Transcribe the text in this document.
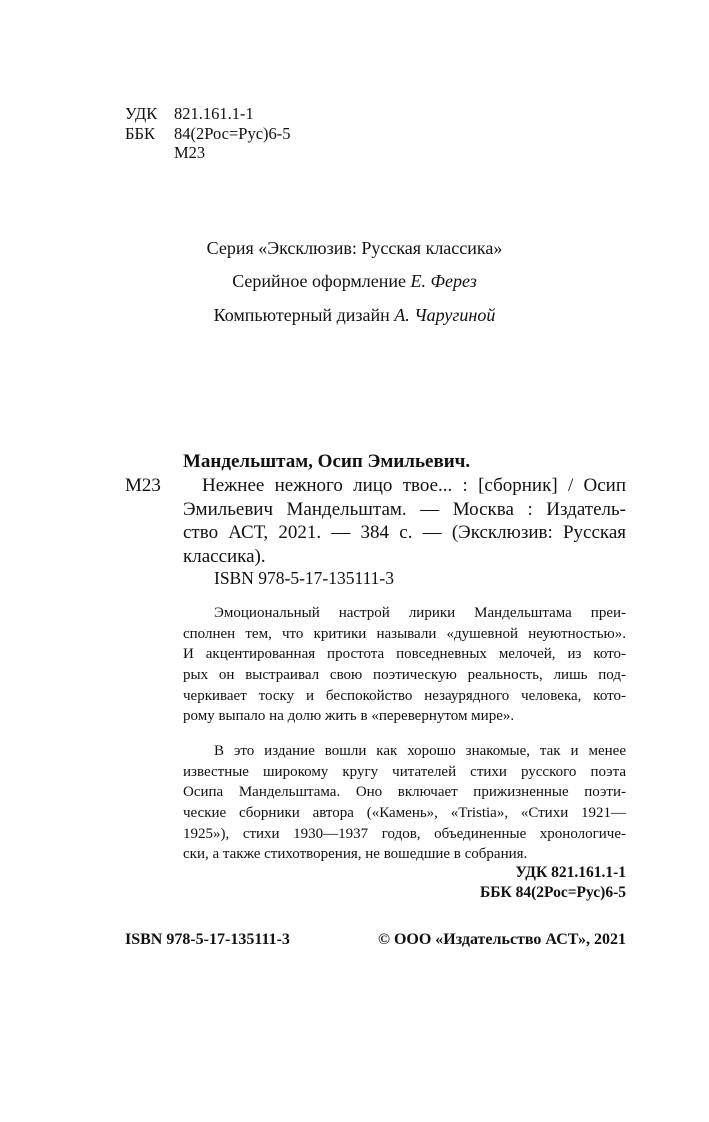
УДК 821.161.1-1
ББК 84(2Рос=Рус)6-5
М23
Серия «Эксклюзив: Русская классика»
Серийное оформление Е. Ферез
Компьютерный дизайн А. Чаругиной
Мандельштам, Осип Эмильевич.
М23	Нежнее нежного лицо твое... : [сборник] / Осип
Эмильевич Мандельштам. — Москва : Издатель-
ство АСТ, 2021. — 384 с. — (Эксклюзив: Русская
классика).
ISBN 978-5-17-135111-3
Эмоциональный настрой лирики Мандельштама преи-
сполнен тем, что критики называли «душевной неуютностью».
И акцентированная простота повседневных мелочей, из кото-
рых он выстраивал свою поэтическую реальность, лишь под-
черкивает тоску и беспокойство незаурядного человека, кото-
рому выпало на долю жить в «перевернутом мире».
В это издание вошли как хорошо знакомые, так и менее
известные широкому кругу читателей стихи русского поэта
Осипа Мандельштама. Оно включает прижизненные поэти-
ческие сборники автора («Камень», «Tristia», «Стихи 1921—
1925»), стихи 1930—1937 годов, объединенные хронологиче-
ски, а также стихотворения, не вошедшие в собрания.
УДК 821.161.1-1
ББК 84(2Рос=Рус)6-5
ISBN 978-5-17-135111-3	© ООО «Издательство АСТ», 2021
